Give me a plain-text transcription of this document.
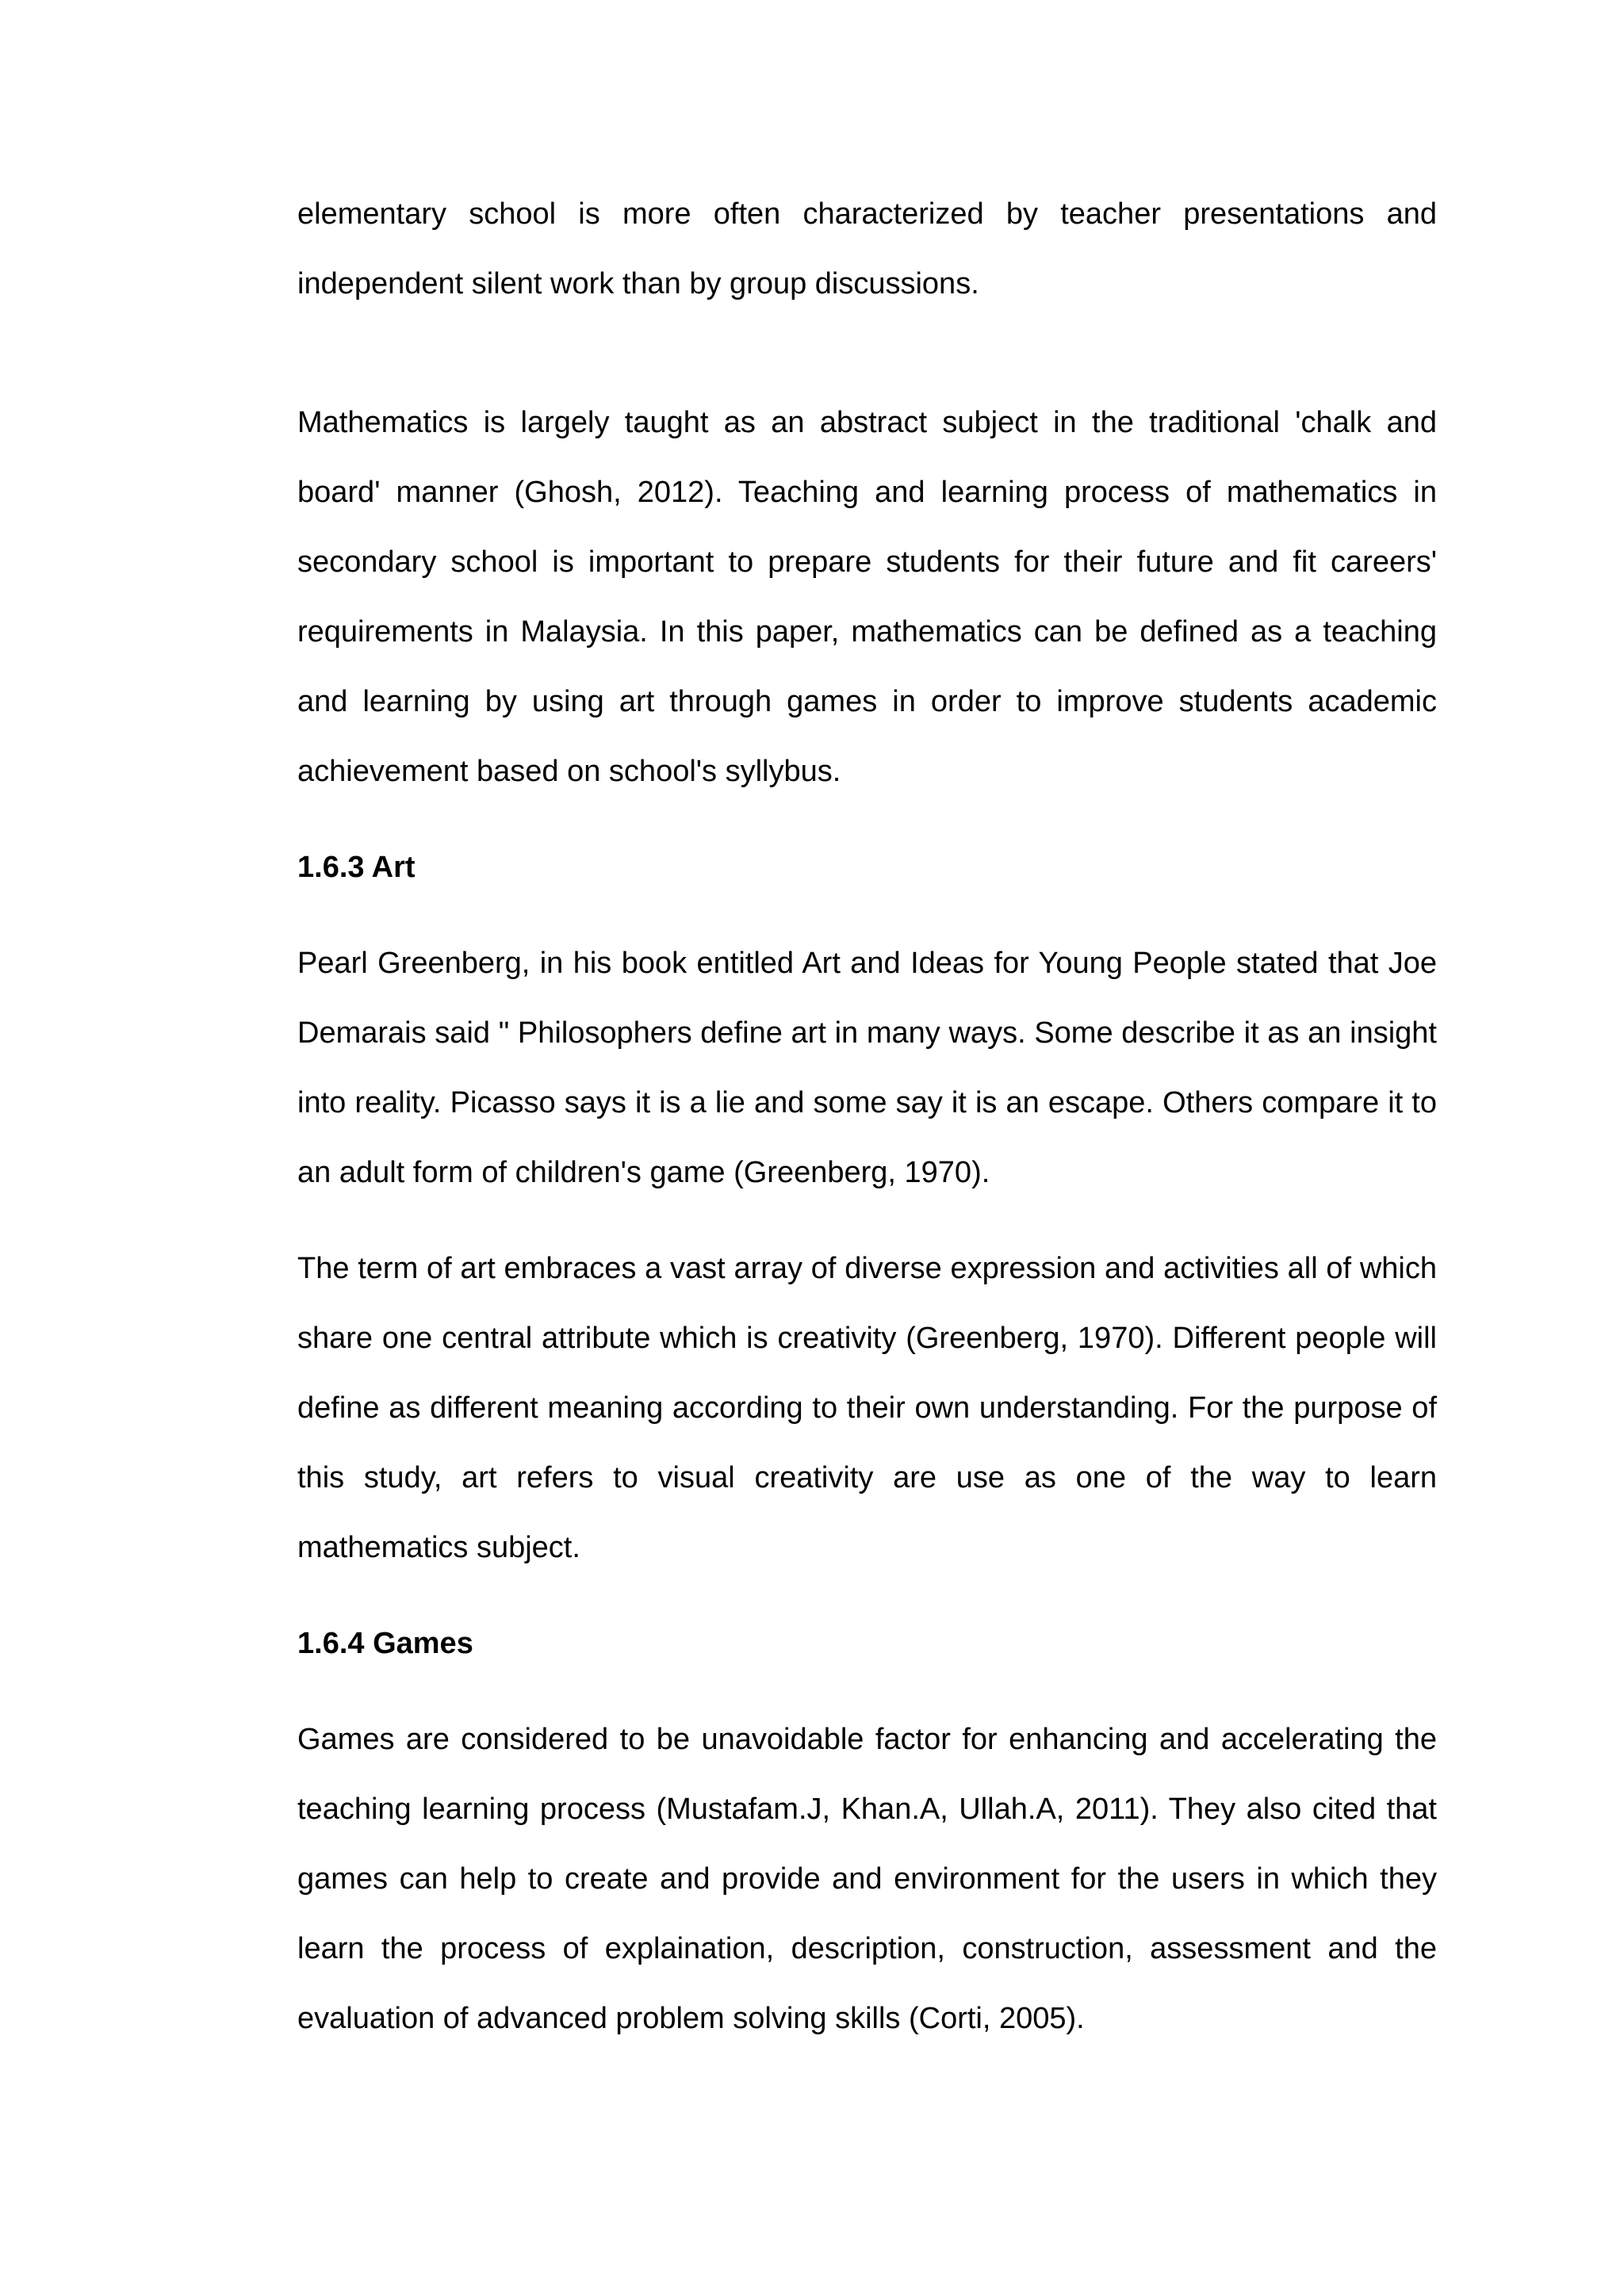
elementary school is more often characterized by teacher presentations and independent silent work than by group discussions.

Mathematics is largely taught as an abstract subject in the traditional 'chalk and board' manner (Ghosh, 2012). Teaching and learning process of mathematics in secondary school is important to prepare students for their future and fit careers' requirements in Malaysia. In this paper, mathematics can be defined as a teaching and learning by using art through games in order to improve students academic achievement based on school's syllybus.

1.6.3 Art

Pearl Greenberg, in his book entitled Art and Ideas for Young People stated that Joe Demarais said " Philosophers define art in many ways. Some describe it as an insight into reality. Picasso says it is a lie and some say it is an escape. Others compare it to an adult form of children's game (Greenberg, 1970).

The term of art embraces a vast array of diverse expression and activities all of which share one central attribute which is creativity (Greenberg, 1970). Different people will define as different meaning according to their own understanding. For the purpose of this study, art refers to visual creativity are use as one of the way to learn mathematics subject.

1.6.4 Games

Games are considered to be unavoidable factor for enhancing and accelerating the teaching learning process (Mustafam.J, Khan.A, Ullah.A, 2011). They also cited that games can help to create and provide and environment for the users in which they learn the process of explaination, description, construction, assessment and the evaluation of advanced problem solving skills (Corti, 2005).
